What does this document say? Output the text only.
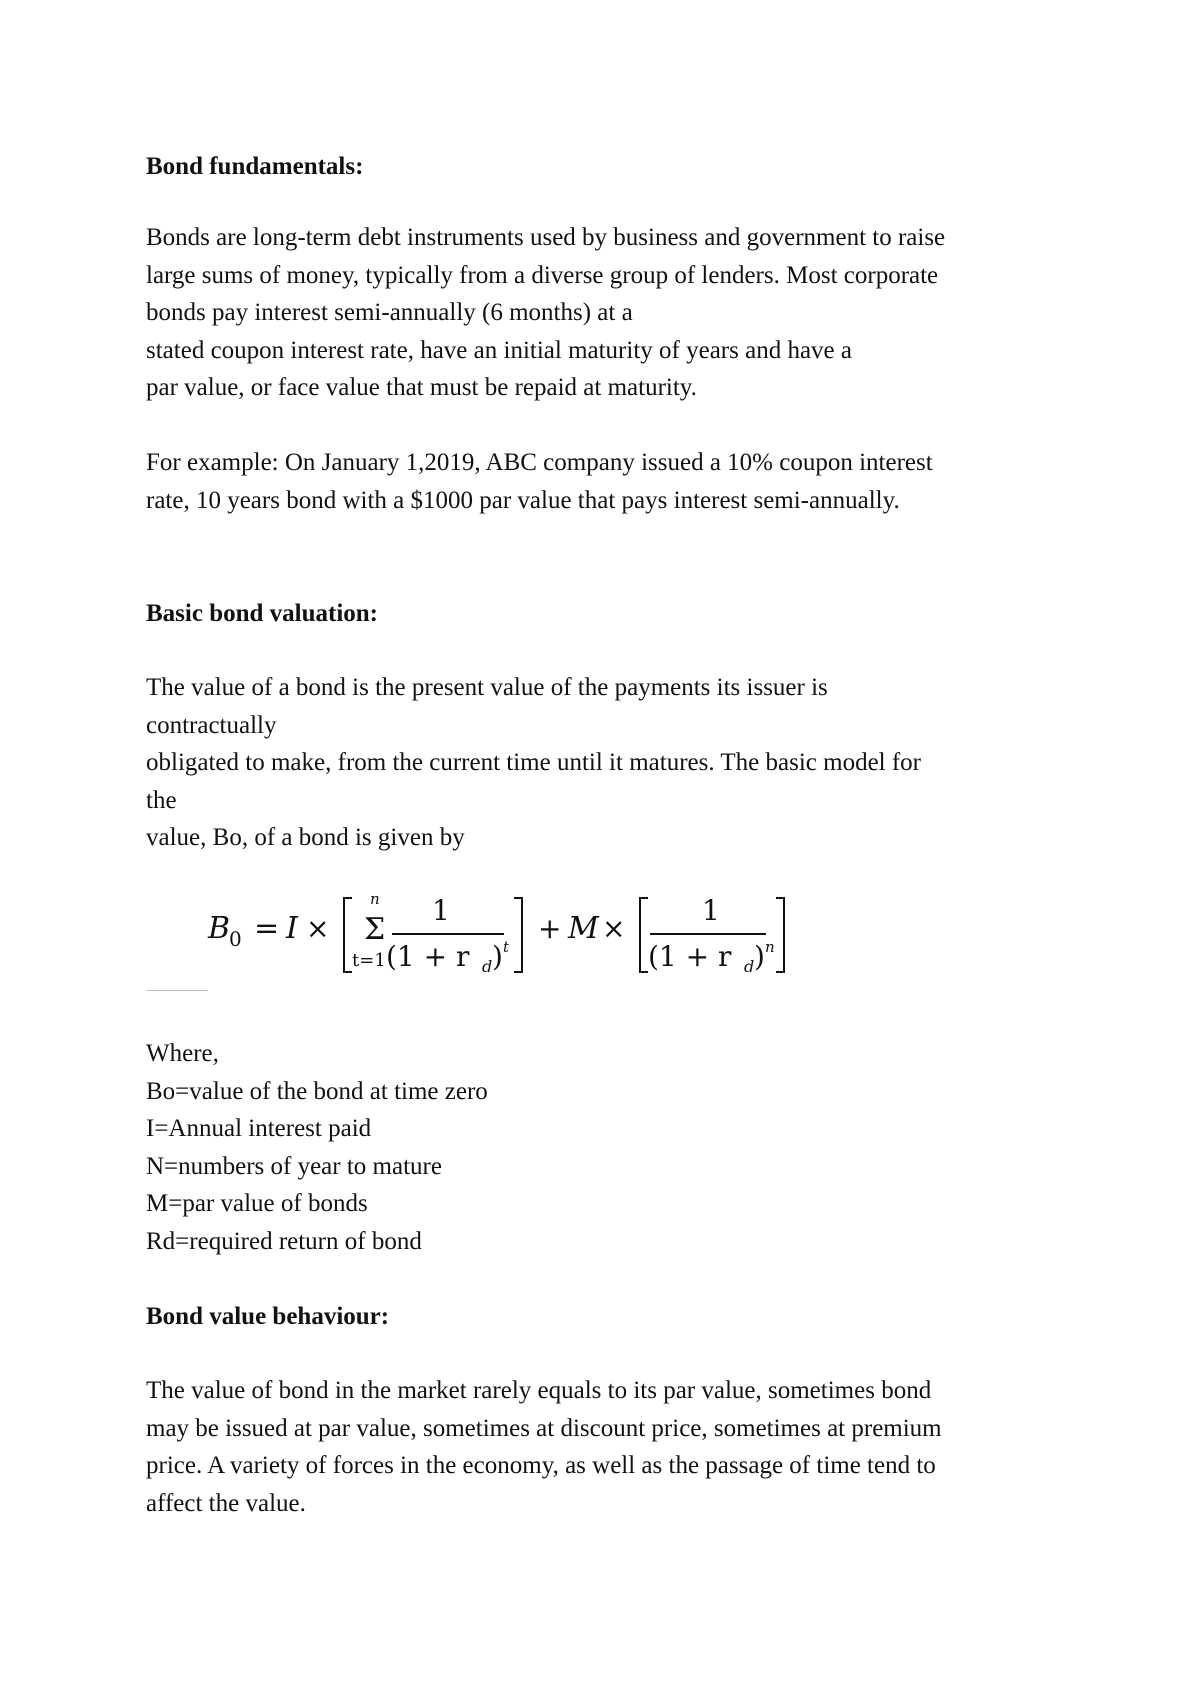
Bond fundamentals:
Bonds are long-term debt instruments used by business and government to raise
large sums of money, typically from a diverse group of lenders. Most corporate
bonds pay interest semi-annually (6 months) at a
stated coupon interest rate, have an initial maturity of years and have a
par value, or face value that must be repaid at maturity.
For example: On January 1,2019, ABC company issued a 10% coupon interest
rate, 10 years bond with a $1000 par value that pays interest semi-annually.
Basic bond valuation:
The value of a bond is the present value of the payments its issuer is
contractually
obligated to make, from the current time until it matures. The basic model for
the
value, Bo, of a bond is given by
B
0 = I ×
n
Σ
t=1
1
(1 + r d ) t
+ M ×
1
(1 + r d ) n
Where,
Bo=value of the bond at time zero
I=Annual interest paid
N=numbers of year to mature
M=par value of bonds
Rd=required return of bond
Bond value behaviour:
The value of bond in the market rarely equals to its par value, sometimes bond
may be issued at par value, sometimes at discount price, sometimes at premium
price. A variety of forces in the economy, as well as the passage of time tend to
affect the value.
